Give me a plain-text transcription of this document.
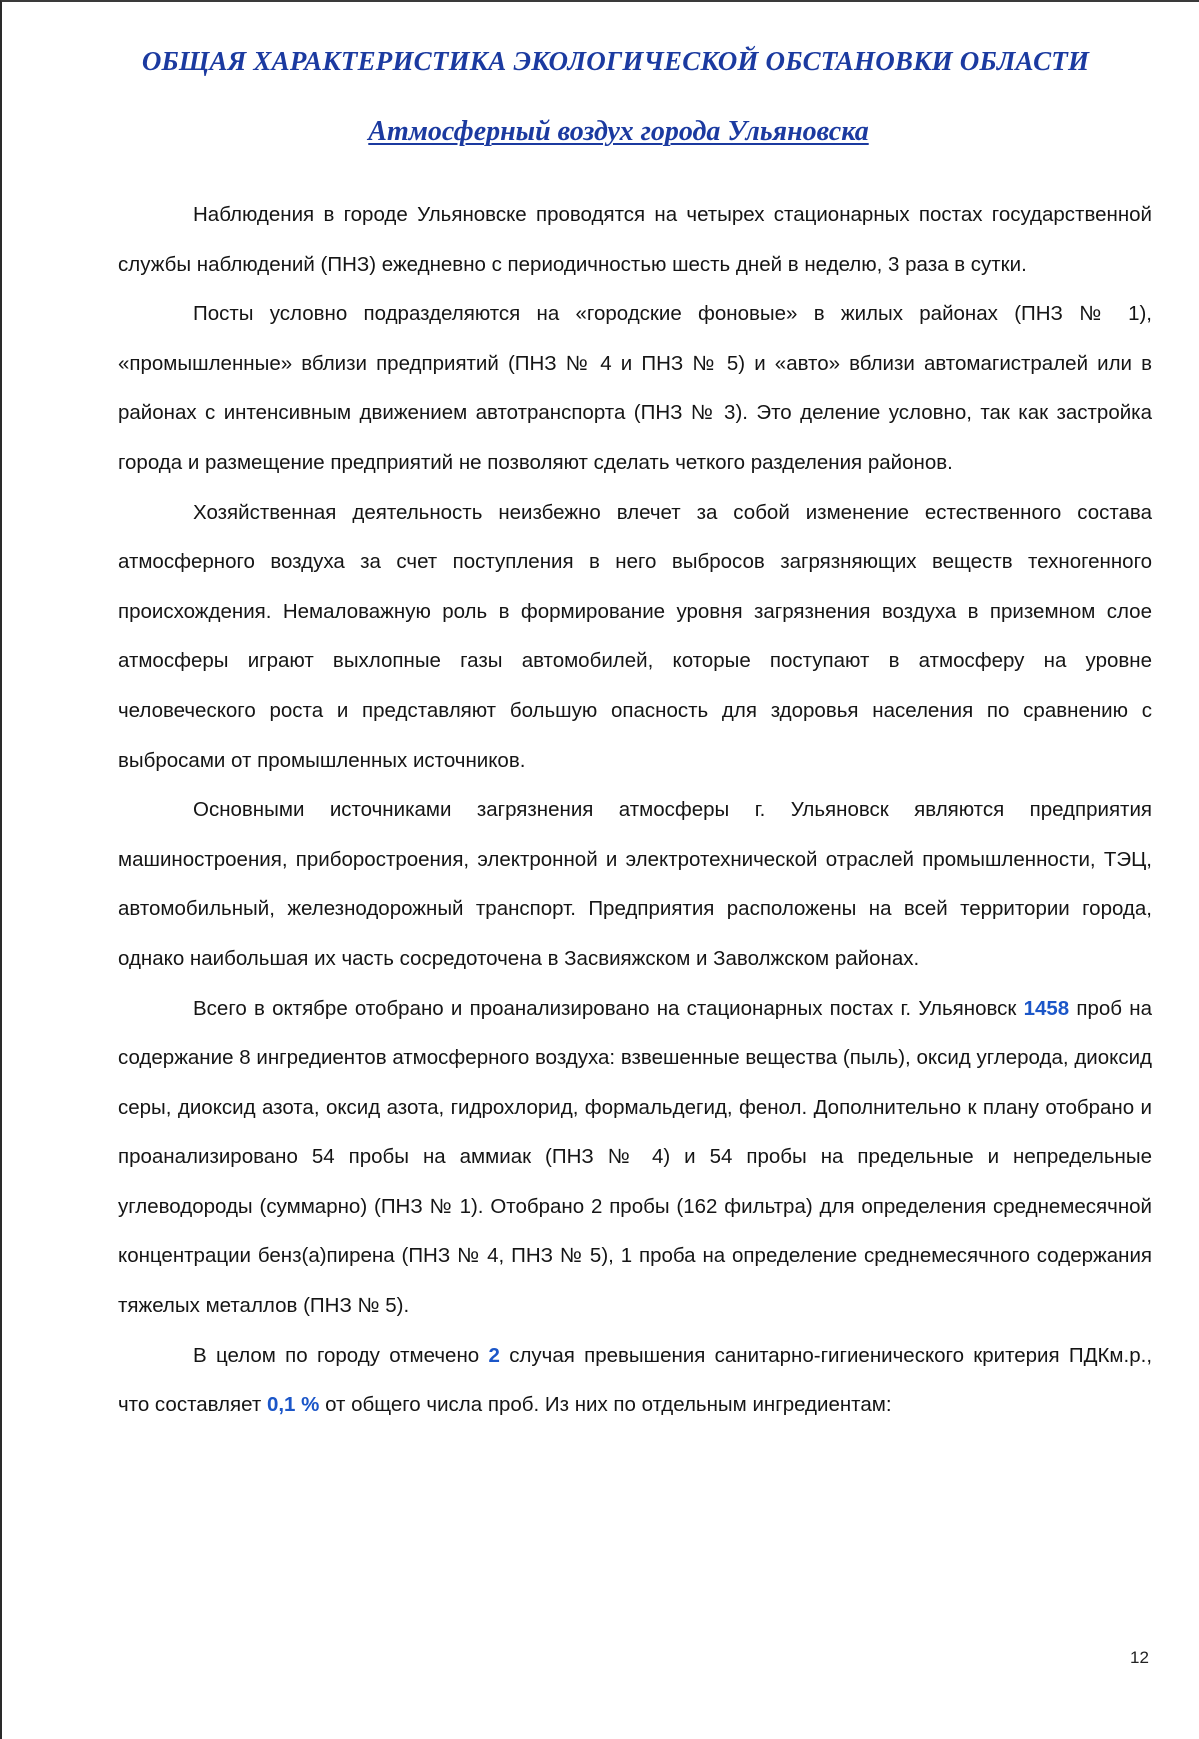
ОБЩАЯ ХАРАКТЕРИСТИКА ЭКОЛОГИЧЕСКОЙ ОБСТАНОВКИ ОБЛАСТИ
Атмосферный воздух города Ульяновска

Наблюдения в городе Ульяновске проводятся на четырех стационарных постах государственной службы наблюдений (ПНЗ) ежедневно с периодичностью шесть дней в неделю, 3 раза в сутки.

Посты условно подразделяются на «городские фоновые» в жилых районах (ПНЗ № 1), «промышленные» вблизи предприятий (ПНЗ № 4 и ПНЗ № 5) и «авто» вблизи автомагистралей или в районах с интенсивным движением автотранспорта (ПНЗ № 3). Это деление условно, так как застройка города и размещение предприятий не позволяют сделать четкого разделения районов.

Хозяйственная деятельность неизбежно влечет за собой изменение естественного состава атмосферного воздуха за счет поступления в него выбросов загрязняющих веществ техногенного происхождения. Немаловажную роль в формирование уровня загрязнения воздуха в приземном слое атмосферы играют выхлопные газы автомобилей, которые поступают в атмосферу на уровне человеческого роста и представляют большую опасность для здоровья населения по сравнению с выбросами от промышленных источников.

Основными источниками загрязнения атмосферы г. Ульяновск являются предприятия машиностроения, приборостроения, электронной и электротехнической отраслей промышленности, ТЭЦ, автомобильный, железнодорожный транспорт. Предприятия расположены на всей территории города, однако наибольшая их часть сосредоточена в Засвияжском и Заволжском районах.

Всего в октябре отобрано и проанализировано на стационарных постах г. Ульяновск 1458 проб на содержание 8 ингредиентов атмосферного воздуха: взвешенные вещества (пыль), оксид углерода, диоксид серы, диоксид азота, оксид азота, гидрохлорид, формальдегид, фенол. Дополнительно к плану отобрано и проанализировано 54 пробы на аммиак (ПНЗ № 4) и 54 пробы на предельные и непредельные углеводороды (суммарно) (ПНЗ № 1). Отобрано 2 пробы (162 фильтра) для определения среднемесячной концентрации бенз(а)пирена (ПНЗ № 4, ПНЗ № 5), 1 проба на определение среднемесячного содержания тяжелых металлов (ПНЗ № 5).

В целом по городу отмечено 2 случая превышения санитарно-гигиенического критерия ПДКм.р., что составляет 0,1 % от общего числа проб. Из них по отдельным ингредиентам:

12
